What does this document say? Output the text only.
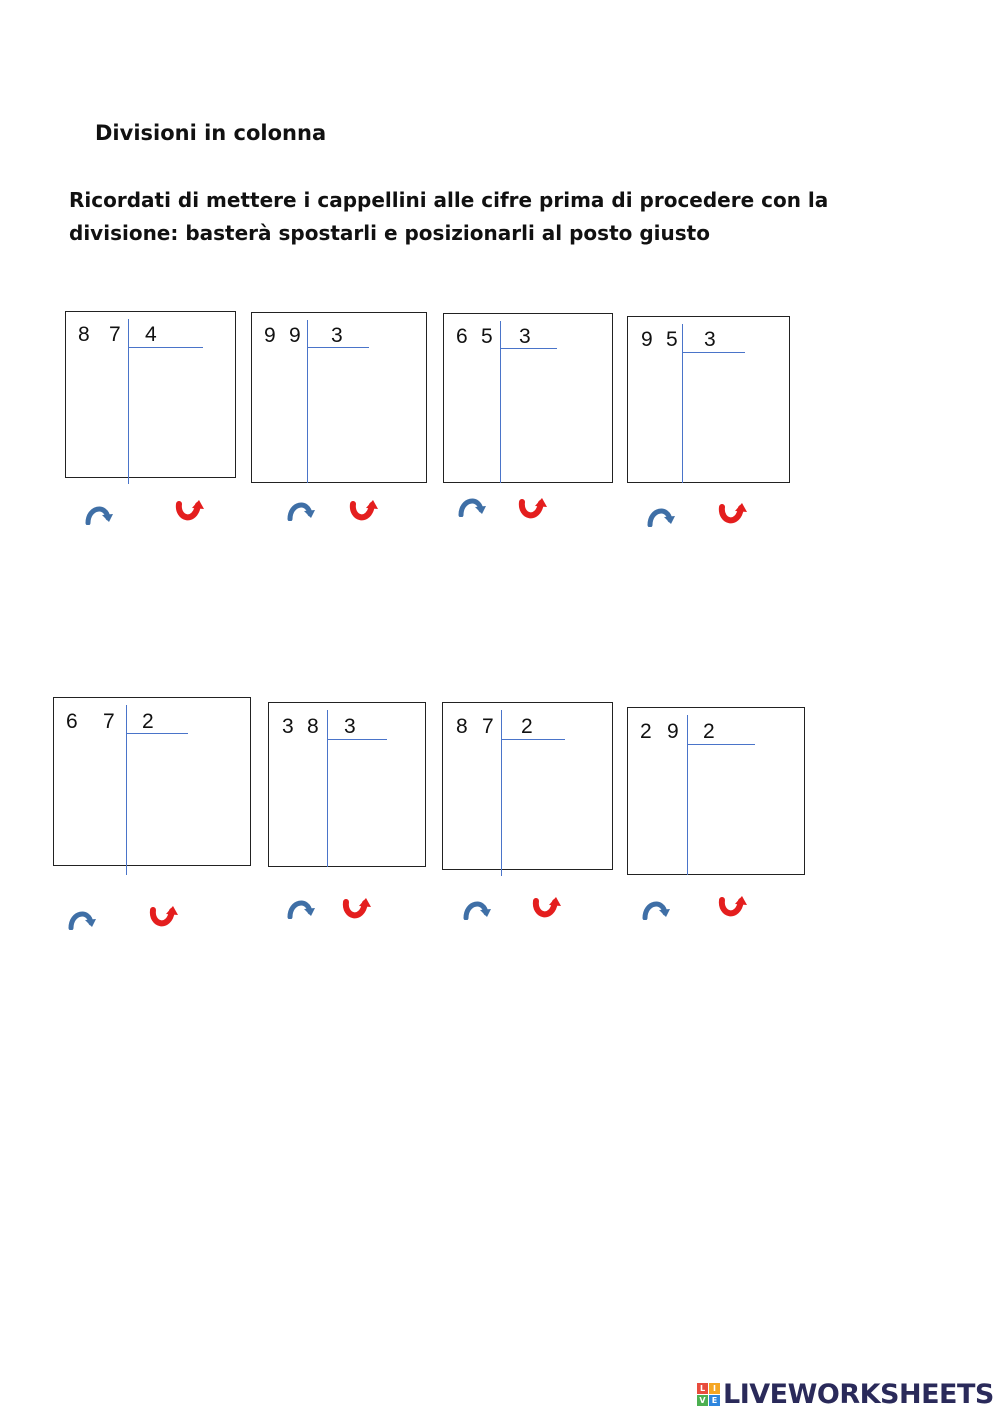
Divisioni in colonna
Ricordati di mettere i cappellini alle cifre prima di procedere con la divisione: basterà spostarli e posizionarli al posto giusto
8 7 4	9 9 3	6 5 3	9 5 3
6 7 2	3 8 3	8 7 2	2 9 2
L I
V E LIVEWORKSHEETS
